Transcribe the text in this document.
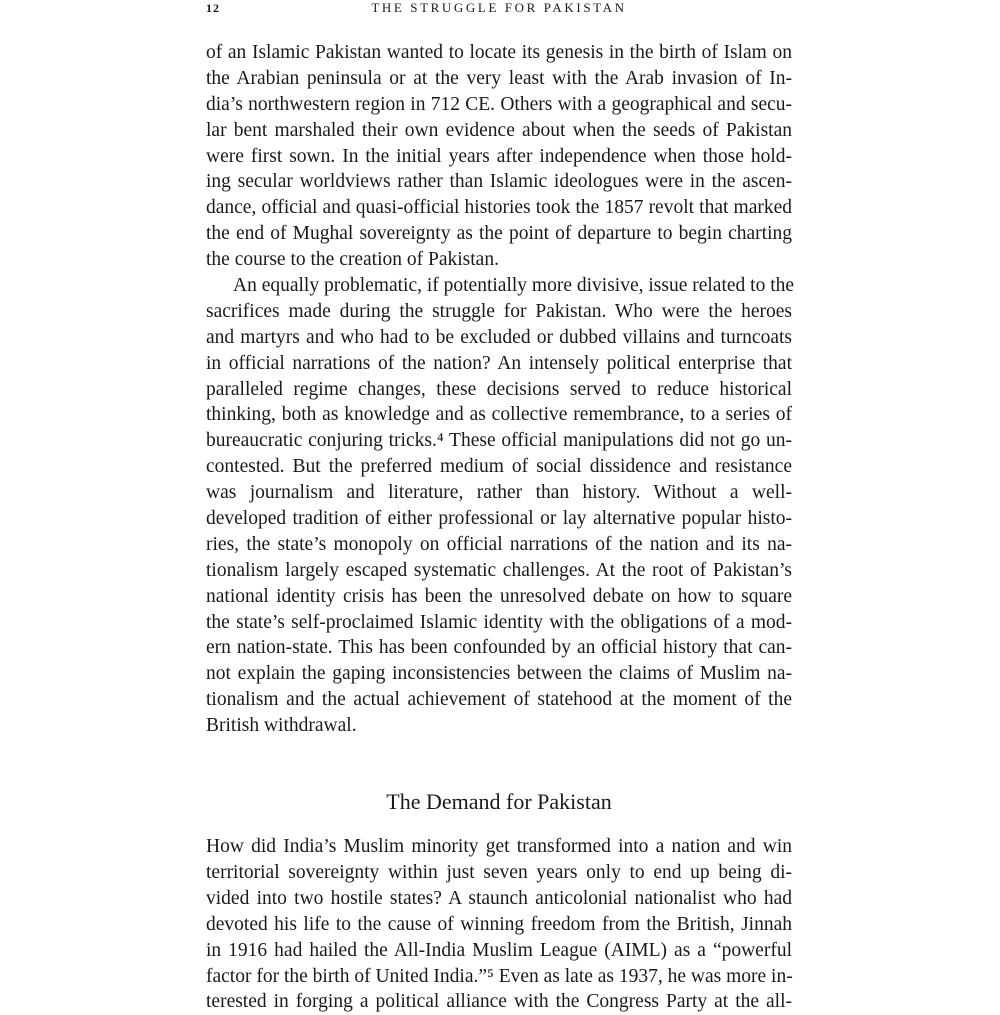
12	THE STRUGGLE FOR PAKISTAN

of an Islamic Pakistan wanted to locate its genesis in the birth of Islam on
the Arabian peninsula or at the very least with the Arab invasion of In-
dia’s northwestern region in 712 CE. Others with a geographical and secu-
lar bent marshaled their own evidence about when the seeds of Pakistan
were first sown. In the initial years after independence when those hold-
ing secular worldviews rather than Islamic ideologues were in the ascen-
dance, official and quasi-official histories took the 1857 revolt that marked
the end of Mughal sovereignty as the point of departure to begin charting
the course to the creation of Pakistan.

An equally problematic, if potentially more divisive, issue related to the
sacrifices made during the struggle for Pakistan. Who were the heroes
and martyrs and who had to be excluded or dubbed villains and turncoats
in official narrations of the nation? An intensely political enterprise that
paralleled regime changes, these decisions served to reduce historical
thinking, both as knowledge and as collective remembrance, to a series of
bureaucratic conjuring tricks.⁴ These official manipulations did not go un-
contested. But the preferred medium of social dissidence and resistance
was journalism and literature, rather than history. Without a well-
developed tradition of either professional or lay alternative popular histo-
ries, the state’s monopoly on official narrations of the nation and its na-
tionalism largely escaped systematic challenges. At the root of Pakistan’s
national identity crisis has been the unresolved debate on how to square
the state’s self-proclaimed Islamic identity with the obligations of a mod-
ern nation-state. This has been confounded by an official history that can-
not explain the gaping inconsistencies between the claims of Muslim na-
tionalism and the actual achievement of statehood at the moment of the
British withdrawal.

The Demand for Pakistan

How did India’s Muslim minority get transformed into a nation and win
territorial sovereignty within just seven years only to end up being di-
vided into two hostile states? A staunch anticolonial nationalist who had
devoted his life to the cause of winning freedom from the British, Jinnah
in 1916 had hailed the All-India Muslim League (AIML) as a “powerful
factor for the birth of United India.”⁵ Even as late as 1937, he was more in-
terested in forging a political alliance with the Congress Party at the all-
